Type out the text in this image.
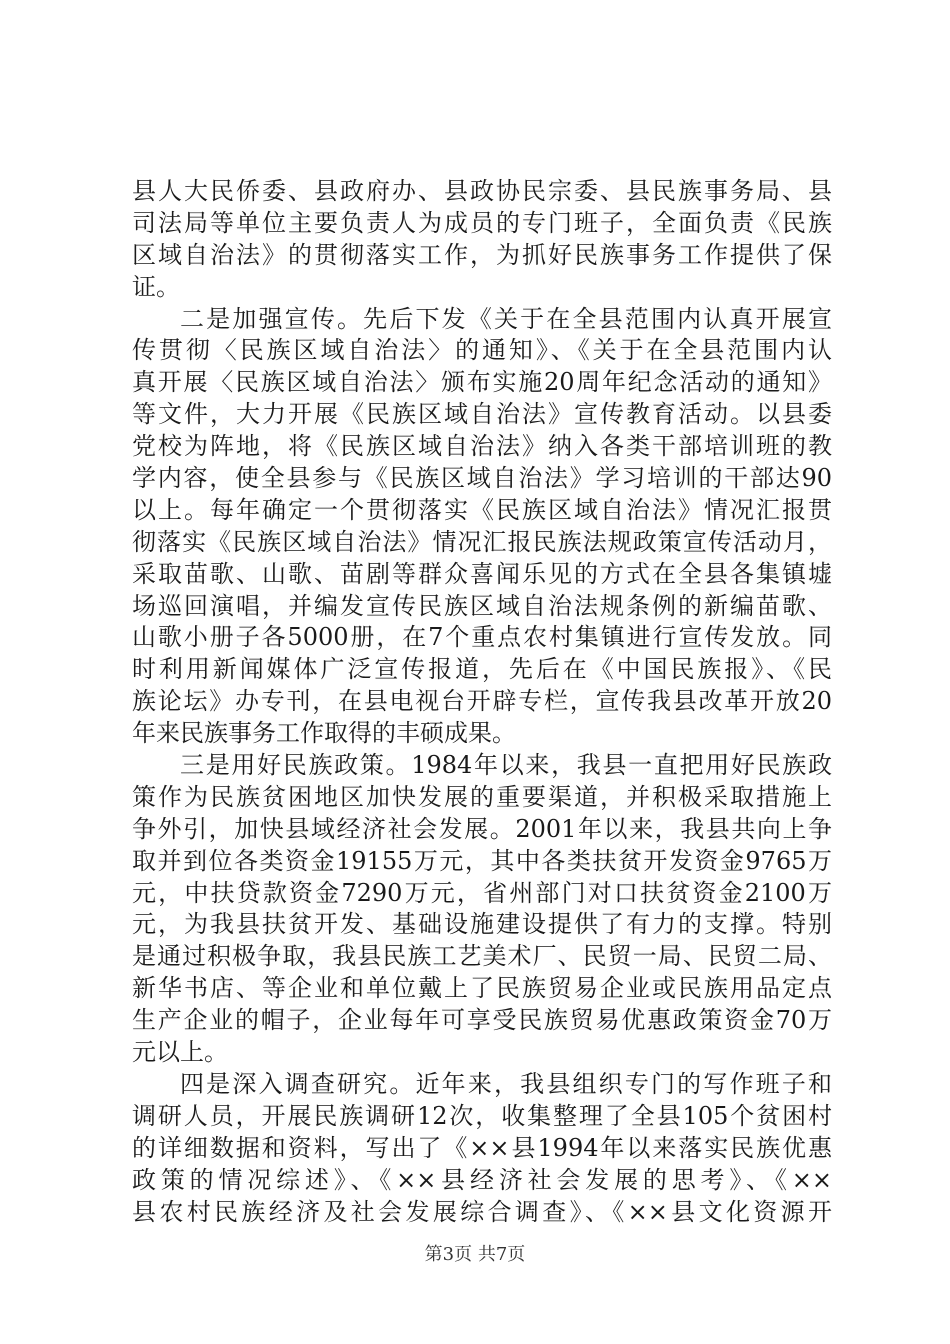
县人大民侨委、县政府办、县政协民宗委、县民族事务局、县
司法局等单位主要负责人为成员的专门班子，全面负责《民族
区域自治法》的贯彻落实工作，为抓好民族事务工作提供了保
证。
二是加强宣传。先后下发《关于在全县范围内认真开展宣
传贯彻〈民族区域自治法〉的通知》、《关于在全县范围内认
真开展〈民族区域自治法〉颁布实施20周年纪念活动的通知》
等文件，大力开展《民族区域自治法》宣传教育活动。以县委
党校为阵地，将《民族区域自治法》纳入各类干部培训班的教
学内容，使全县参与《民族区域自治法》学习培训的干部达90
以上。每年确定一个贯彻落实《民族区域自治法》情况汇报贯
彻落实《民族区域自治法》情况汇报民族法规政策宣传活动月，
采取苗歌、山歌、苗剧等群众喜闻乐见的方式在全县各集镇墟
场巡回演唱，并编发宣传民族区域自治法规条例的新编苗歌、
山歌小册子各5000册，在7个重点农村集镇进行宣传发放。同
时利用新闻媒体广泛宣传报道，先后在《中国民族报》、《民
族论坛》办专刊，在县电视台开辟专栏，宣传我县改革开放20
年来民族事务工作取得的丰硕成果。
三是用好民族政策。1984年以来，我县一直把用好民族政
策作为民族贫困地区加快发展的重要渠道，并积极采取措施上
争外引，加快县域经济社会发展。2001年以来，我县共向上争
取并到位各类资金19155万元，其中各类扶贫开发资金9765万
元，中扶贷款资金7290万元，省州部门对口扶贫资金2100万
元，为我县扶贫开发、基础设施建设提供了有力的支撑。特别
是通过积极争取，我县民族工艺美术厂、民贸一局、民贸二局、
新华书店、等企业和单位戴上了民族贸易企业或民族用品定点
生产企业的帽子，企业每年可享受民族贸易优惠政策资金70万
元以上。
四是深入调查研究。近年来，我县组织专门的写作班子和
调研人员，开展民族调研12次，收集整理了全县105个贫困村
的详细数据和资料，写出了《××县1994年以来落实民族优惠
政策的情况综述》、《××县经济社会发展的思考》、《××
县农村民族经济及社会发展综合调查》、《××县文化资源开
第3页 共7页
